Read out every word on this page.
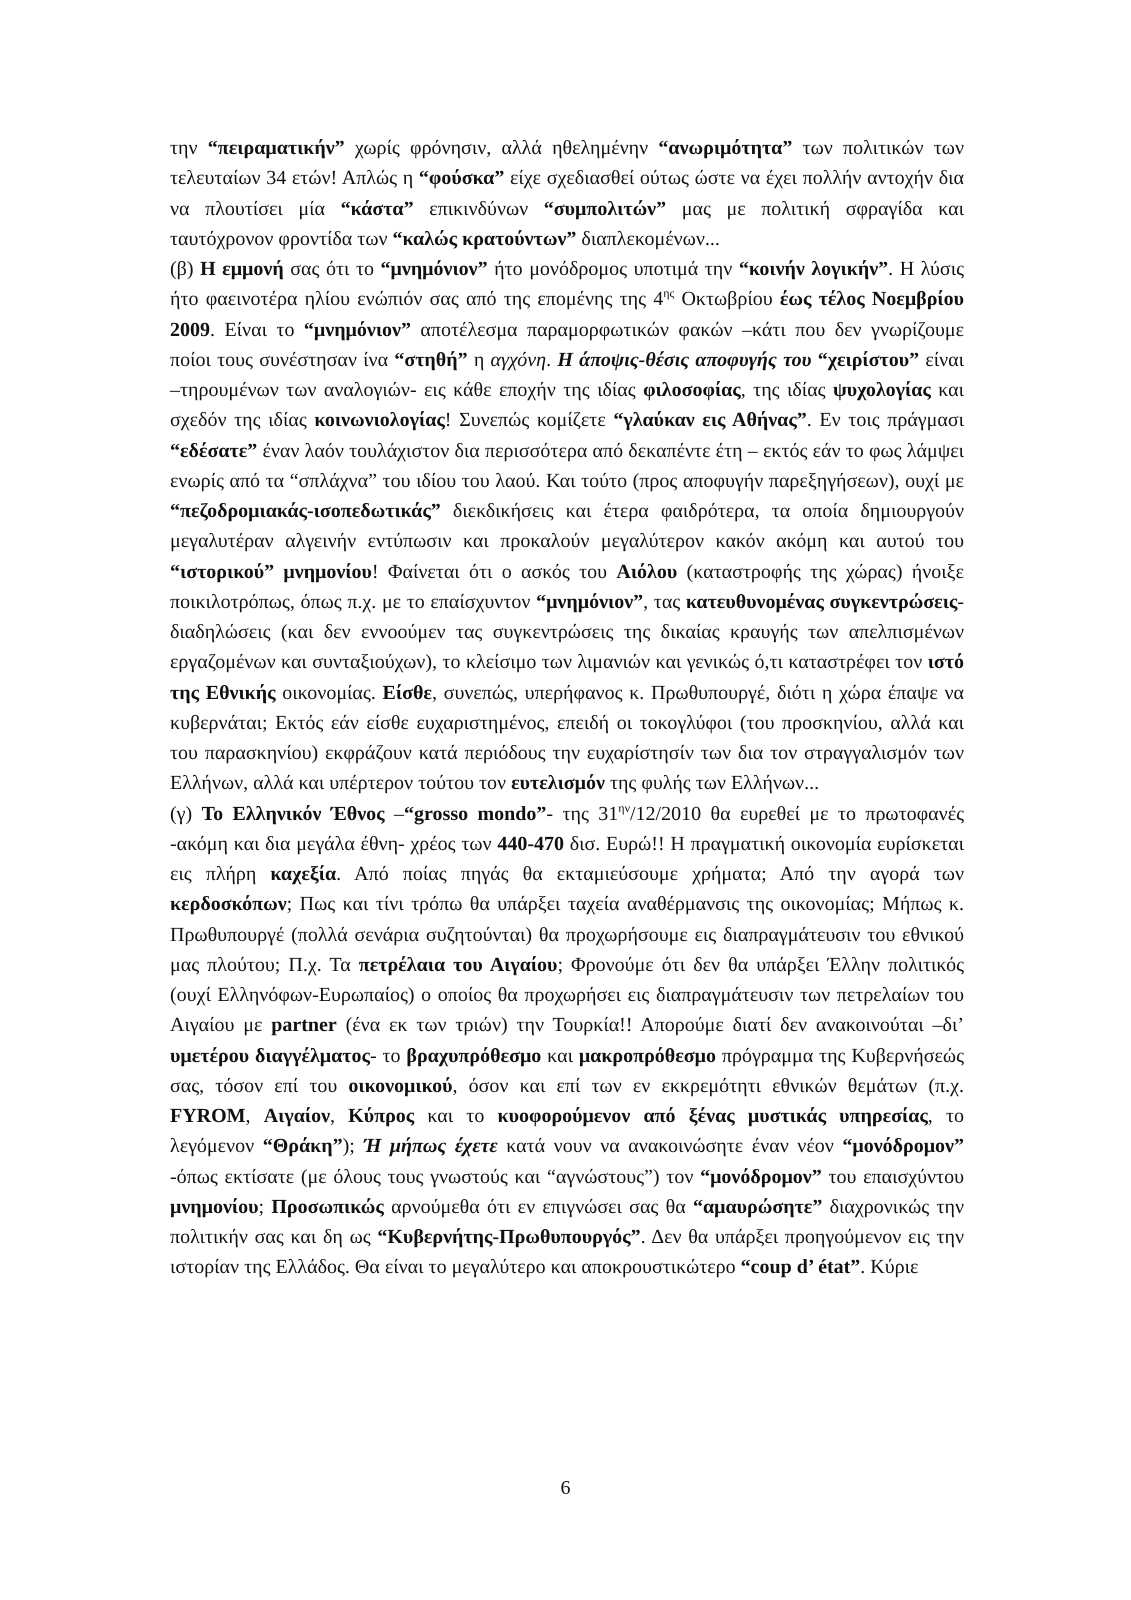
την “πειραματικήν” χωρίς φρόνησιν, αλλά ηθελημένην “ανωριμότητα” των πολιτικών των τελευταίων 34 ετών! Απλώς η “φούσκα” είχε σχεδιασθεί ούτως ώστε να έχει πολλήν αντοχήν δια να πλουτίσει μία “κάστα” επικινδύνων “συμπολιτών” μας με πολιτική σφραγίδα και ταυτόχρονον φροντίδα των “καλώς κρατούντων” διαπλεκομένων...

(β) Η εμμονή σας ότι το “μνημόνιον” ήτο μονόδρομος υποτιμά την “κοινήν λογικήν”. Η λύσις ήτο φαεινοτέρα ηλίου ενώπιόν σας από της επομένης της $4^{\eta\varsigma}$ Οκτωβρίου έως τέλος Νοεμβρίου 2009. Είναι το “μνημόνιον” αποτέλεσμα παραμορφωτικών φακών –κάτι που δεν γνωρίζουμε ποίοι τους συνέστησαν ίνα “στηθή” η αγχόνη. Η άποψις-θέσις αποφυγής του “χειρίστου” είναι –τηρουμένων των αναλογιών- εις κάθε εποχήν της ιδίας φιλοσοφίας, της ιδίας ψυχολογίας και σχεδόν της ιδίας κοινωνιολογίας! Συνεπώς κομίζετε “γλαύκαν εις Αθήνας”. Εν τοις πράγμασι “εδέσατε” έναν λαόν τουλάχιστον δια περισσότερα από δεκαπέντε έτη – εκτός εάν το φως λάμψει ενωρίς από τα “σπλάχνα” του ιδίου του λαού. Και τούτο (προς αποφυγήν παρεξηγήσεων), ουχί με “πεζοδρομιακάς-ισοπεδωτικάς” διεκδικήσεις και έτερα φαιδρότερα, τα οποία δημιουργούν μεγαλυτέραν αλγεινήν εντύπωσιν και προκαλούν μεγαλύτερον κακόν ακόμη και αυτού του “ιστορικού” μνημονίου! Φαίνεται ότι ο ασκός του Αιόλου (καταστροφής της χώρας) ήνοιξε ποικιλοτρόπως, όπως π.χ. με το επαίσχυντον “μνημόνιον”, τας κατευθυνομένας συγκεντρώσεις-διαδηλώσεις (και δεν εννοούμεν τας συγκεντρώσεις της δικαίας κραυγής των απελπισμένων εργαζομένων και συνταξιούχων), το κλείσιμο των λιμανιών και γενικώς ό,τι καταστρέφει τον ιστό της Εθνικής οικονομίας. Είσθε, συνεπώς, υπερήφανος κ. Πρωθυπουργέ, διότι η χώρα έπαψε να κυβερνάται; Εκτός εάν είσθε ευχαριστημένος, επειδή οι τοκογλύφοι (του προσκηνίου, αλλά και του παρασκηνίου) εκφράζουν κατά περιόδους την ευχαρίστησίν των δια τον στραγγαλισμόν των Ελλήνων, αλλά και υπέρτερον τούτου τον ευτελισμόν της φυλής των Ελλήνων...

(γ) Το Ελληνικόν Έθνος –“grosso mondo”- της $31^{\eta\nu}/12/2010$ θα ευρεθεί με το πρωτοφανές -ακόμη και δια μεγάλα έθνη- χρέος των 440-470 δισ. Ευρώ!! Η πραγματική οικονομία ευρίσκεται εις πλήρη καχεξία. Από ποίας πηγάς θα εκταμιεύσουμε χρήματα; Από την αγορά των κερδοσκόπων; Πως και τίνι τρόπω θα υπάρξει ταχεία αναθέρμανσις της οικονομίας; Μήπως κ. Πρωθυπουργέ (πολλά σενάρια συζητούνται) θα προχωρήσουμε εις διαπραγμάτευσιν του εθνικού μας πλούτου; Π.χ. Τα πετρέλαια του Αιγαίου; Φρονούμε ότι δεν θα υπάρξει Έλλην πολιτικός (ουχί Ελληνόφων-Ευρωπαίος) ο οποίος θα προχωρήσει εις διαπραγμάτευσιν των πετρελαίων του Αιγαίου με partner (ένα εκ των τριών) την Τουρκία!! Απορούμε διατί δεν ανακοινούται –δι’ υμετέρου διαγγέλματος- το βραχυπρόθεσμο και μακροπρόθεσμο πρόγραμμα της Κυβερνήσεώς σας, τόσον επί του οικονομικού, όσον και επί των εν εκκρεμότητι εθνικών θεμάτων (π.χ. FYROM, Αιγαίον, Κύπρος και το κυοφορούμενον από ξένας μυστικάς υπηρεσίας, το λεγόμενον “Θράκη”); Ή μήπως έχετε κατά νουν να ανακοινώσητε έναν νέον “μονόδρομον” -όπως εκτίσατε (με όλους τους γνωστούς και “αγνώστους”) τον “μονόδρομον” του επαισχύντου μνημονίου; Προσωπικώς αρνούμεθα ότι εν επιγνώσει σας θα “αμαυρώσητε” διαχρονικώς την πολιτικήν σας και δη ως “Κυβερνήτης-Πρωθυπουργός”. Δεν θα υπάρξει προηγούμενον εις την ιστορίαν της Ελλάδος. Θα είναι το μεγαλύτερο και αποκρουστικώτερο “coup d’ état”. Κύριε

6
